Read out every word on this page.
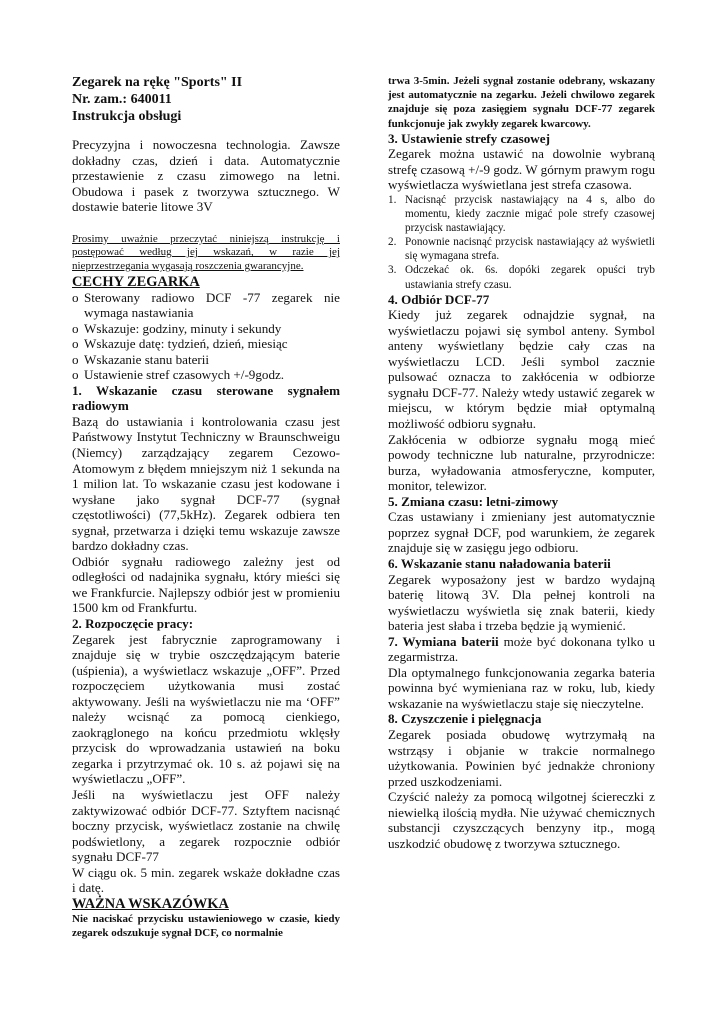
Zegarek na rękę "Sports" II

Nr. zam.: 640011

Instrukcja obsługi

Precyzyjna i nowoczesna technologia. Zawsze dokładny czas, dzień i data. Automatycznie przestawienie z czasu zimowego na letni. Obudowa i pasek z tworzywa sztucznego. W dostawie baterie litowe 3V

Prosimy uważnie przeczytać niniejszą instrukcję i

postępować według jej wskazań, w razie jej

nieprzestrzegania wygasają roszczenia gwarancyjne.

CECHY ZEGARKA

o Sterowany radiowo DCF -77 zegarek nie wymaga nastawiania

o Wskazuje: godziny, minuty i sekundy

o Wskazuje datę: tydzień, dzień, miesiąc

o Wskazanie stanu baterii

o Ustawienie stref czasowych +/-9godz.

1. Wskazanie czasu sterowane sygnałem radiowym

Bazą do ustawiania i kontrolowania czasu jest Państwowy Instytut Techniczny w Braunschweigu (Niemcy) zarządzający zegarem Cezowo-Atomowym z błędem mniejszym niż 1 sekunda na 1 milion lat. To wskazanie czasu jest kodowane i wysłane jako sygnał DCF-77 (sygnał częstotliwości) (77,5kHz). Zegarek odbiera ten sygnał, przetwarza i dzięki temu wskazuje zawsze bardzo dokładny czas.

Odbiór sygnału radiowego zależny jest od odległości od nadajnika sygnału, który mieści się we Frankfurcie. Najlepszy odbiór jest w promieniu 1500 km od Frankfurtu.

2. Rozpoczęcie pracy:

Zegarek jest fabrycznie zaprogramowany i znajduje się w trybie oszczędzającym baterie (uśpienia), a wyświetlacz wskazuje „OFF”. Przed rozpoczęciem użytkowania musi zostać aktywowany. Jeśli na wyświetlaczu nie ma ‘OFF” należy wcisnąć za pomocą cienkiego, zaokrąglonego na końcu przedmiotu wklęsły przycisk do wprowadzania ustawień na boku zegarka i przytrzymać ok. 10 s. aż pojawi się na wyświetlaczu „OFF”.

Jeśli na wyświetlaczu jest OFF należy zaktywizować odbiór DCF-77. Sztyftem nacisnąć boczny przycisk, wyświetlacz zostanie na chwilę podświetlony, a zegarek rozpocznie odbiór sygnału DCF-77

W ciągu ok. 5 min. zegarek wskaże dokładne czas i datę.

WAŻNA WSKAZÓWKA

Nie naciskać przycisku ustawieniowego w czasie, kiedy zegarek odszukuje sygnał DCF, co normalnie

trwa 3-5min. Jeżeli sygnał zostanie odebrany, wskazany jest automatycznie na zegarku. Jeżeli chwilowo zegarek znajduje się poza zasięgiem sygnału DCF-77 zegarek funkcjonuje jak zwykły zegarek kwarcowy.

3. Ustawienie strefy czasowej

Zegarek można ustawić na dowolnie wybraną strefę czasową +/-9 godz. W górnym prawym rogu wyświetlacza wyświetlana jest strefa czasowa.

1. Nacisnąć przycisk nastawiający na 4 s, albo do momentu, kiedy zacznie migać pole strefy czasowej przycisk nastawiający.
2. Ponownie nacisnąć przycisk nastawiający aż wyświetli się wymagana strefa.
3. Odczekać ok. 6s. dopóki zegarek opuści tryb ustawiania strefy czasu.

4. Odbiór DCF-77

Kiedy już zegarek odnajdzie sygnał, na wyświetlaczu pojawi się symbol anteny. Symbol anteny wyświetlany będzie cały czas na wyświetlaczu LCD. Jeśli symbol zacznie pulsować oznacza to zakłócenia w odbiorze sygnału DCF-77. Należy wtedy ustawić zegarek w miejscu, w którym będzie miał optymalną możliwość odbioru sygnału.

Zakłócenia w odbiorze sygnału mogą mieć powody techniczne lub naturalne, przyrodnicze: burza, wyładowania atmosferyczne, komputer, monitor, telewizor.

5. Zmiana czasu: letni-zimowy

Czas ustawiany i zmieniany jest automatycznie poprzez sygnał DCF, pod warunkiem, że zegarek znajduje się w zasięgu jego odbioru.

6. Wskazanie stanu naładowania baterii

Zegarek wyposażony jest w bardzo wydajną baterię litową 3V. Dla pełnej kontroli na wyświetlaczu wyświetla się znak baterii, kiedy bateria jest słaba i trzeba będzie ją wymienić.

7. Wymiana baterii może być dokonana tylko u zegarmistrza.

Dla optymalnego funkcjonowania zegarka bateria powinna być wymieniana raz w roku, lub, kiedy wskazanie na wyświetlaczu staje się nieczytelne.

8. Czyszczenie i pielęgnacja

Zegarek posiada obudowę wytrzymałą na wstrząsy i objanie w trakcie normalnego użytkowania. Powinien być jednakże chroniony przed uszkodzeniami.

Czyścić należy za pomocą wilgotnej ściereczki z niewielką ilością mydła. Nie używać chemicznych substancji czyszczących benzyny itp., mogą uszkodzić obudowę z tworzywa sztucznego.
